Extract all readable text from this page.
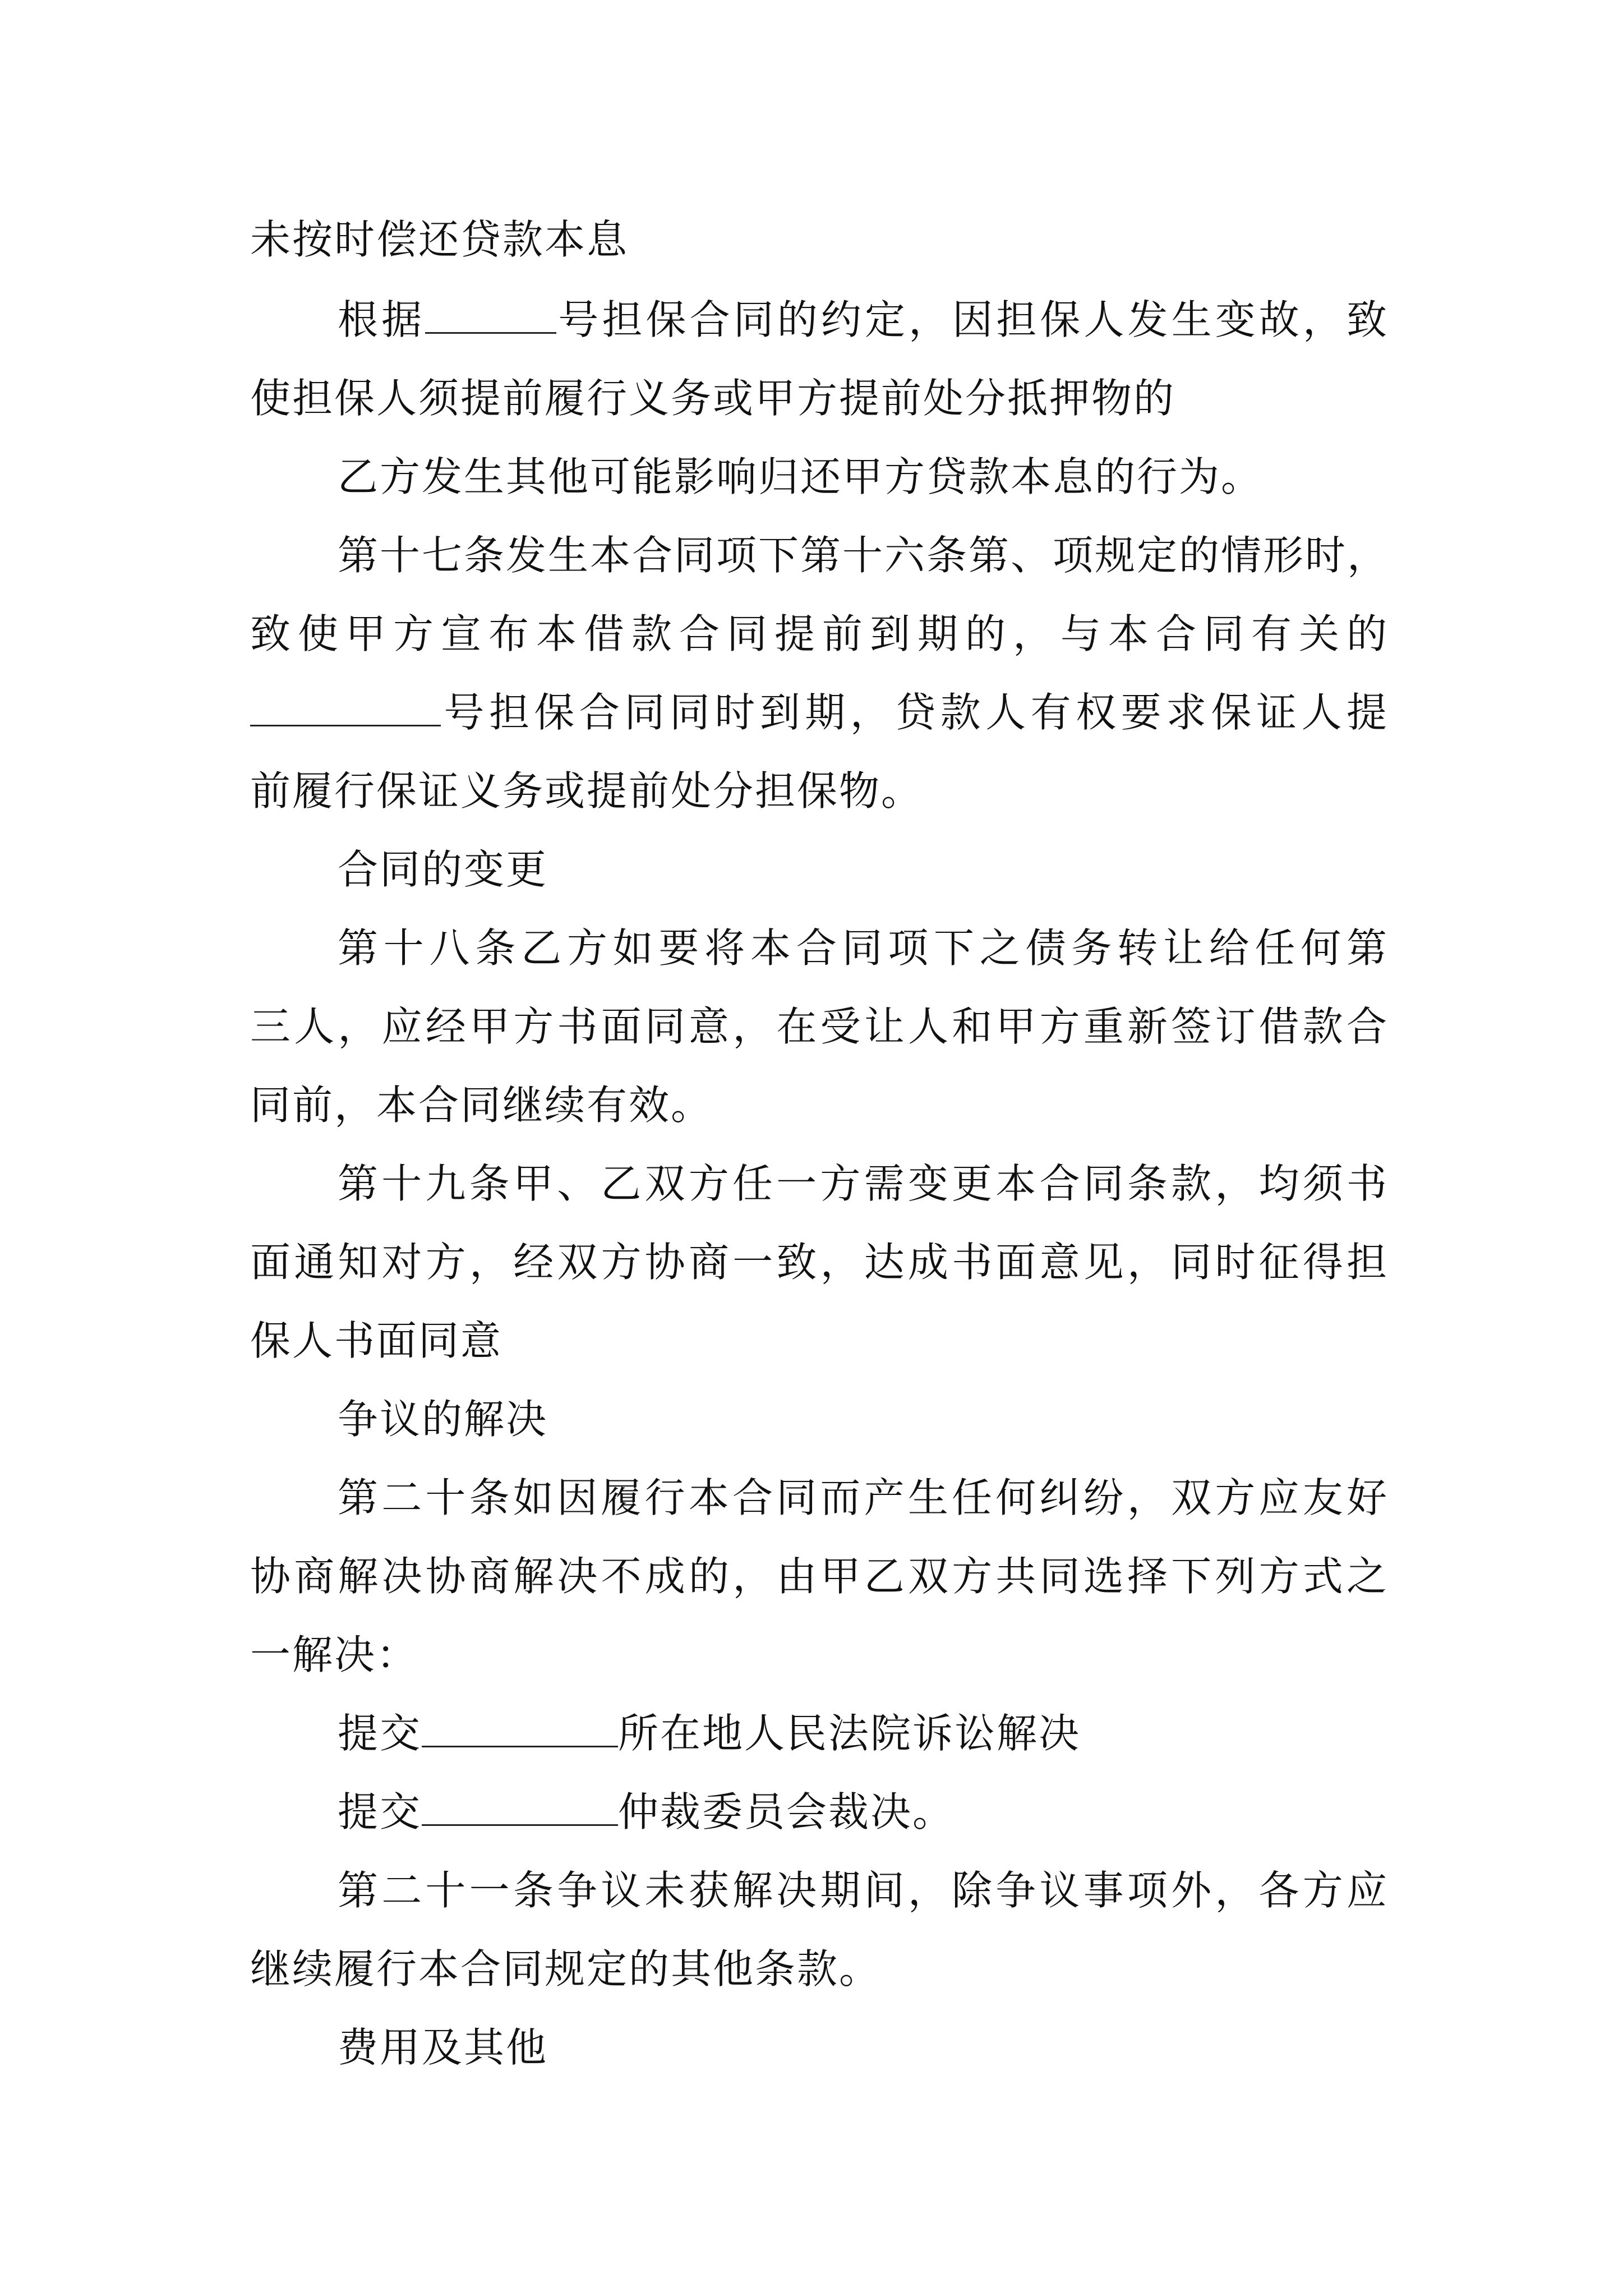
未按时偿还贷款本息
根据	号担保合同的约定，因担保人发生变故，致
使担保人须提前履行义务或甲方提前处分抵押物的
乙方发生其他可能影响归还甲方贷款本息的行为。
第十七条发生本合同项下第十六条第、项规定的情形时，
致使甲方宣布本借款合同提前到期的，与本合同有关的
号担保合同同时到期，贷款人有权要求保证人提
前履行保证义务或提前处分担保物。
合同的变更
第十八条乙方如要将本合同项下之债务转让给任何第
三人，应经甲方书面同意，在受让人和甲方重新签订借款合
同前，本合同继续有效。
第十九条甲、乙双方任一方需变更本合同条款，均须书
面通知对方，经双方协商一致，达成书面意见，同时征得担
保人书面同意
争议的解决
第二十条如因履行本合同而产生任何纠纷，双方应友好
协商解决协商解决不成的，由甲乙双方共同选择下列方式之
一解决：
提交	所在地人民法院诉讼解决
提交	仲裁委员会裁决。
第二十一条争议未获解决期间，除争议事项外，各方应
继续履行本合同规定的其他条款。
费用及其他
